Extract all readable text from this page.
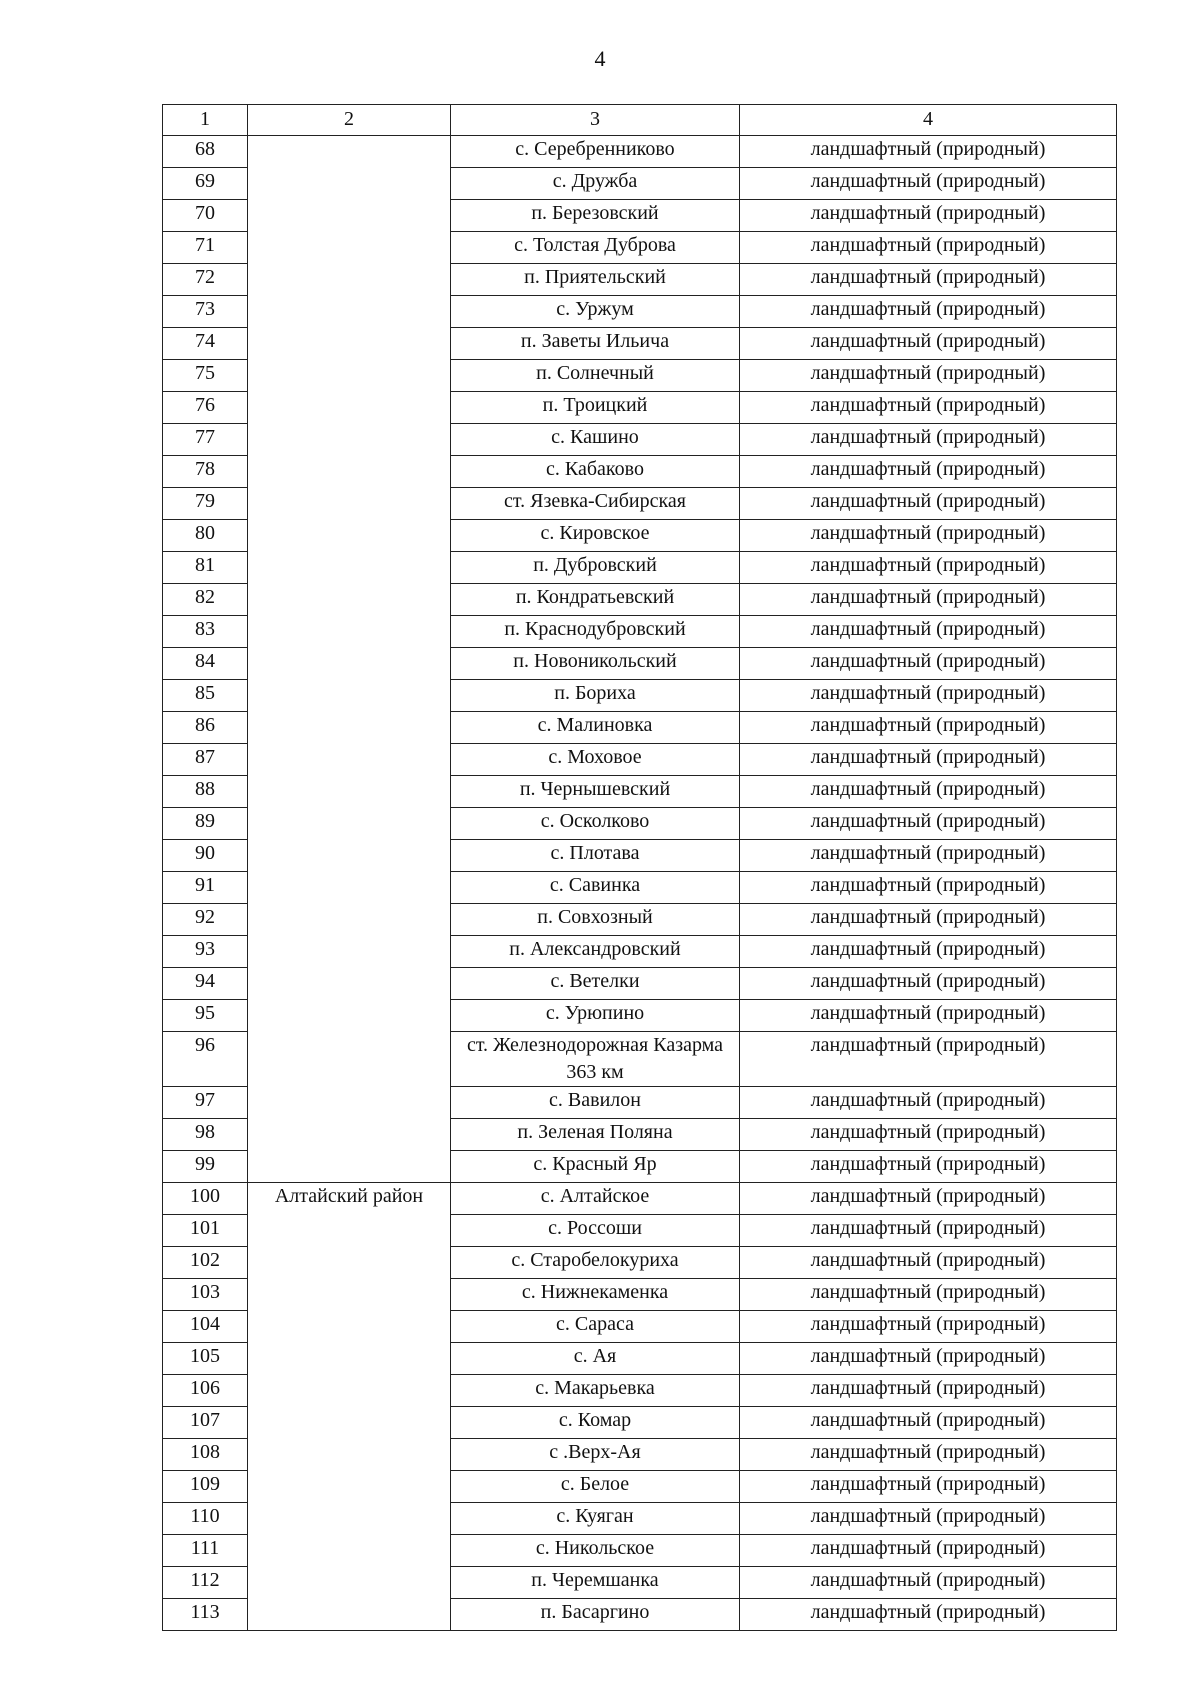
4
1	2	3	4
68		с. Серебренниково	ландшафтный (природный)
69		с. Дружба	ландшафтный (природный)
70		п. Березовский	ландшафтный (природный)
71		с. Толстая Дуброва	ландшафтный (природный)
72		п. Приятельский	ландшафтный (природный)
73		с. Уржум	ландшафтный (природный)
74		п. Заветы Ильича	ландшафтный (природный)
75		п. Солнечный	ландшафтный (природный)
76		п. Троицкий	ландшафтный (природный)
77		с. Кашино	ландшафтный (природный)
78		с. Кабаково	ландшафтный (природный)
79		ст. Язевка-Сибирская	ландшафтный (природный)
80		с. Кировское	ландшафтный (природный)
81		п. Дубровский	ландшафтный (природный)
82		п. Кондратьевский	ландшафтный (природный)
83		п. Краснодубровский	ландшафтный (природный)
84		п. Новоникольский	ландшафтный (природный)
85		п. Бориха	ландшафтный (природный)
86		с. Малиновка	ландшафтный (природный)
87		с. Моховое	ландшафтный (природный)
88		п. Чернышевский	ландшафтный (природный)
89		с. Осколково	ландшафтный (природный)
90		с. Плотава	ландшафтный (природный)
91		с. Савинка	ландшафтный (природный)
92		п. Совхозный	ландшафтный (природный)
93		п. Александровский	ландшафтный (природный)
94		с. Ветелки	ландшафтный (природный)
95		с. Урюпино	ландшафтный (природный)
96		ст. Железнодорожная Казарма 363 км	ландшафтный (природный)
97		с. Вавилон	ландшафтный (природный)
98		п. Зеленая Поляна	ландшафтный (природный)
99		с. Красный Яр	ландшафтный (природный)
100	Алтайский район	с. Алтайское	ландшафтный (природный)
101		с. Россоши	ландшафтный (природный)
102		с. Старобелокуриха	ландшафтный (природный)
103		с. Нижнекаменка	ландшафтный (природный)
104		с. Сараса	ландшафтный (природный)
105		с. Ая	ландшафтный (природный)
106		с. Макарьевка	ландшафтный (природный)
107		с. Комар	ландшафтный (природный)
108		с .Верх-Ая	ландшафтный (природный)
109		с. Белое	ландшафтный (природный)
110		с. Куяган	ландшафтный (природный)
111		с. Никольское	ландшафтный (природный)
112		п. Черемшанка	ландшафтный (природный)
113		п. Басаргино	ландшафтный (природный)
